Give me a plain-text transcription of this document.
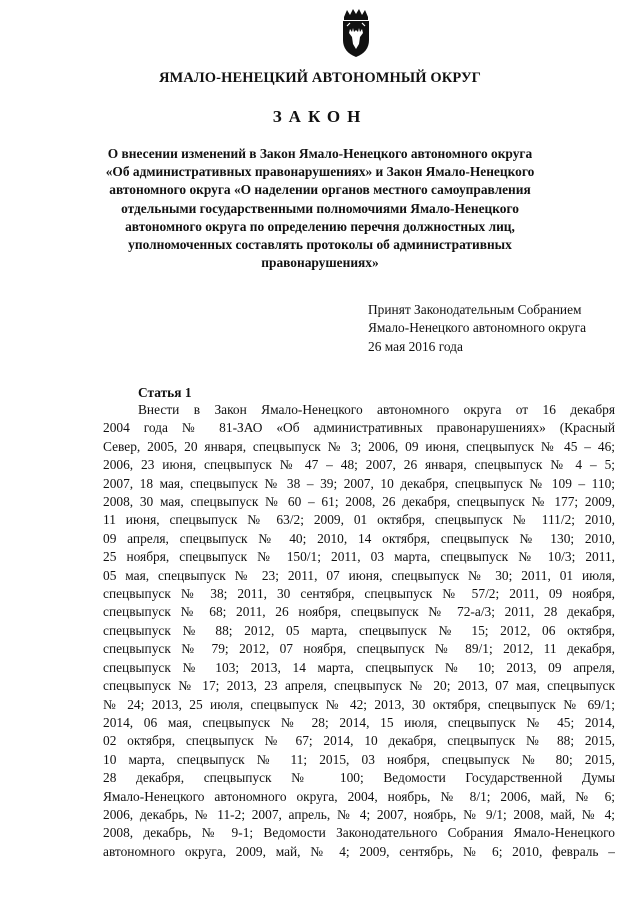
ЯМАЛО-НЕНЕЦКИЙ АВТОНОМНЫЙ ОКРУГ
ЗАКОН
О внесении изменений в Закон Ямало-Ненецкого автономного округа
«Об административных правонарушениях» и Закон Ямало-Ненецкого
автономного округа «О наделении органов местного самоуправления
отдельными государственными полномочиями Ямало-Ненецкого
автономного округа по определению перечня должностных лиц,
уполномоченных составлять протоколы об административных
правонарушениях»
Принят Законодательным Собранием
Ямало-Ненецкого автономного округа
26 мая 2016 года
Статья 1
Внести в Закон Ямало-Ненецкого автономного округа от 16 декабря
2004 года № 81-ЗАО «Об административных правонарушениях» (Красный
Север, 2005, 20 января, спецвыпуск № 3; 2006, 09 июня, спецвыпуск № 45 – 46;
2006, 23 июня, спецвыпуск № 47 – 48; 2007, 26 января, спецвыпуск № 4 – 5;
2007, 18 мая, спецвыпуск № 38 – 39; 2007, 10 декабря, спецвыпуск № 109 – 110;
2008, 30 мая, спецвыпуск № 60 – 61; 2008, 26 декабря, спецвыпуск № 177; 2009,
11 июня, спецвыпуск № 63/2; 2009, 01 октября, спецвыпуск № 111/2; 2010,
09 апреля, спецвыпуск № 40; 2010, 14 октября, спецвыпуск № 130; 2010,
25 ноября, спецвыпуск № 150/1; 2011, 03 марта, спецвыпуск № 10/3; 2011,
05 мая, спецвыпуск № 23; 2011, 07 июня, спецвыпуск № 30; 2011, 01 июля,
спецвыпуск № 38; 2011, 30 сентября, спецвыпуск № 57/2; 2011, 09 ноября,
спецвыпуск № 68; 2011, 26 ноября, спецвыпуск № 72-а/3; 2011, 28 декабря,
спецвыпуск № 88; 2012, 05 марта, спецвыпуск № 15; 2012, 06 октября,
спецвыпуск № 79; 2012, 07 ноября, спецвыпуск № 89/1; 2012, 11 декабря,
спецвыпуск № 103; 2013, 14 марта, спецвыпуск № 10; 2013, 09 апреля,
спецвыпуск № 17; 2013, 23 апреля, спецвыпуск № 20; 2013, 07 мая, спецвыпуск
№ 24; 2013, 25 июля, спецвыпуск № 42; 2013, 30 октября, спецвыпуск № 69/1;
2014, 06 мая, спецвыпуск № 28; 2014, 15 июля, спецвыпуск № 45; 2014,
02 октября, спецвыпуск № 67; 2014, 10 декабря, спецвыпуск № 88; 2015,
10 марта, спецвыпуск № 11; 2015, 03 ноября, спецвыпуск № 80; 2015,
28 декабря, спецвыпуск № 100; Ведомости Государственной Думы
Ямало-Ненецкого автономного округа, 2004, ноябрь, № 8/1; 2006, май, № 6;
2006, декабрь, № 11-2; 2007, апрель, № 4; 2007, ноябрь, № 9/1; 2008, май, № 4;
2008, декабрь, № 9-1; Ведомости Законодательного Собрания Ямало-Ненецкого
автономного округа, 2009, май, № 4; 2009, сентябрь, № 6; 2010, февраль –
